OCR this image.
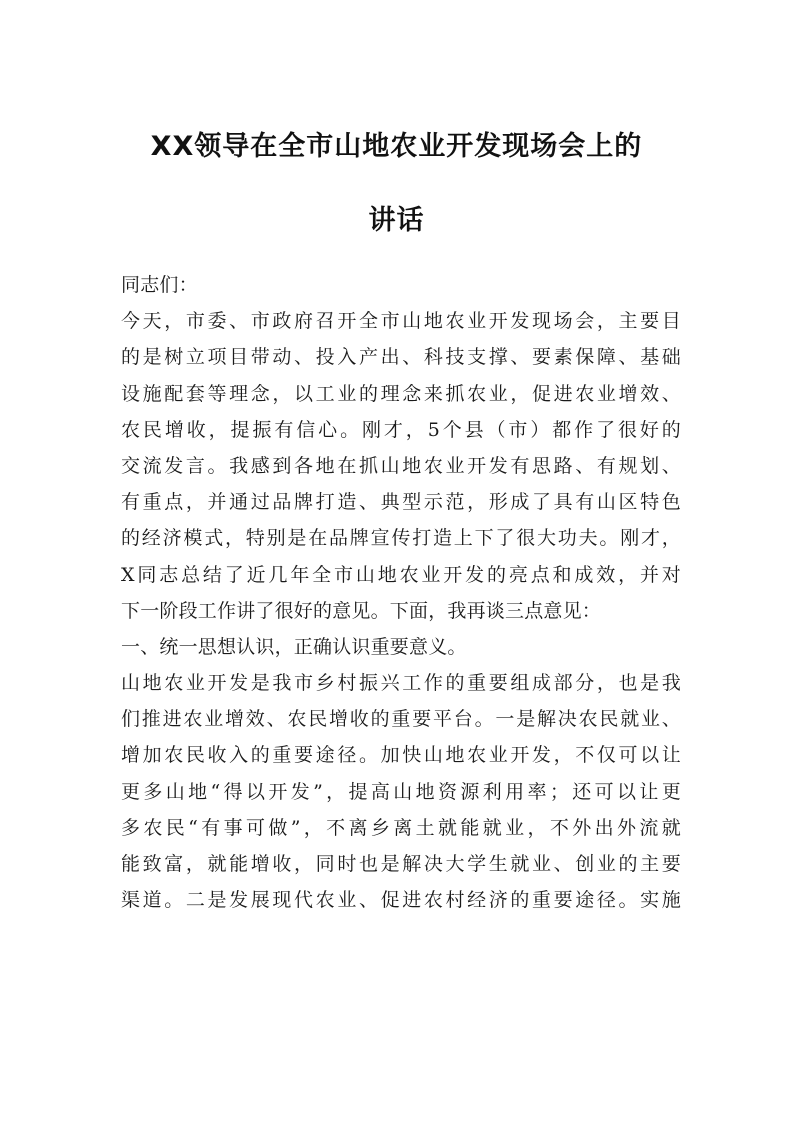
XX领导在全市山地农业开发现场会上的
讲话
同志们：
今天，市委、市政府召开全市山地农业开发现场会，主要目
的是树立项目带动、投入产出、科技支撑、要素保障、基础
设施配套等理念，以工业的理念来抓农业，促进农业增效、
农民增收，提振有信心。刚才，5个县（市）都作了很好的
交流发言。我感到各地在抓山地农业开发有思路、有规划、
有重点，并通过品牌打造、典型示范，形成了具有山区特色
的经济模式，特别是在品牌宣传打造上下了很大功夫。刚才，
X同志总结了近几年全市山地农业开发的亮点和成效，并对
下一阶段工作讲了很好的意见。下面，我再谈三点意见：
一、统一思想认识，正确认识重要意义。
山地农业开发是我市乡村振兴工作的重要组成部分，也是我
们推进农业增效、农民增收的重要平台。一是解决农民就业、
增加农民收入的重要途径。加快山地农业开发，不仅可以让
更多山地“得以开发”，提高山地资源利用率；还可以让更
多农民“有事可做”，不离乡离土就能就业，不外出外流就
能致富，就能增收，同时也是解决大学生就业、创业的主要
渠道。二是发展现代农业、促进农村经济的重要途径。实施
